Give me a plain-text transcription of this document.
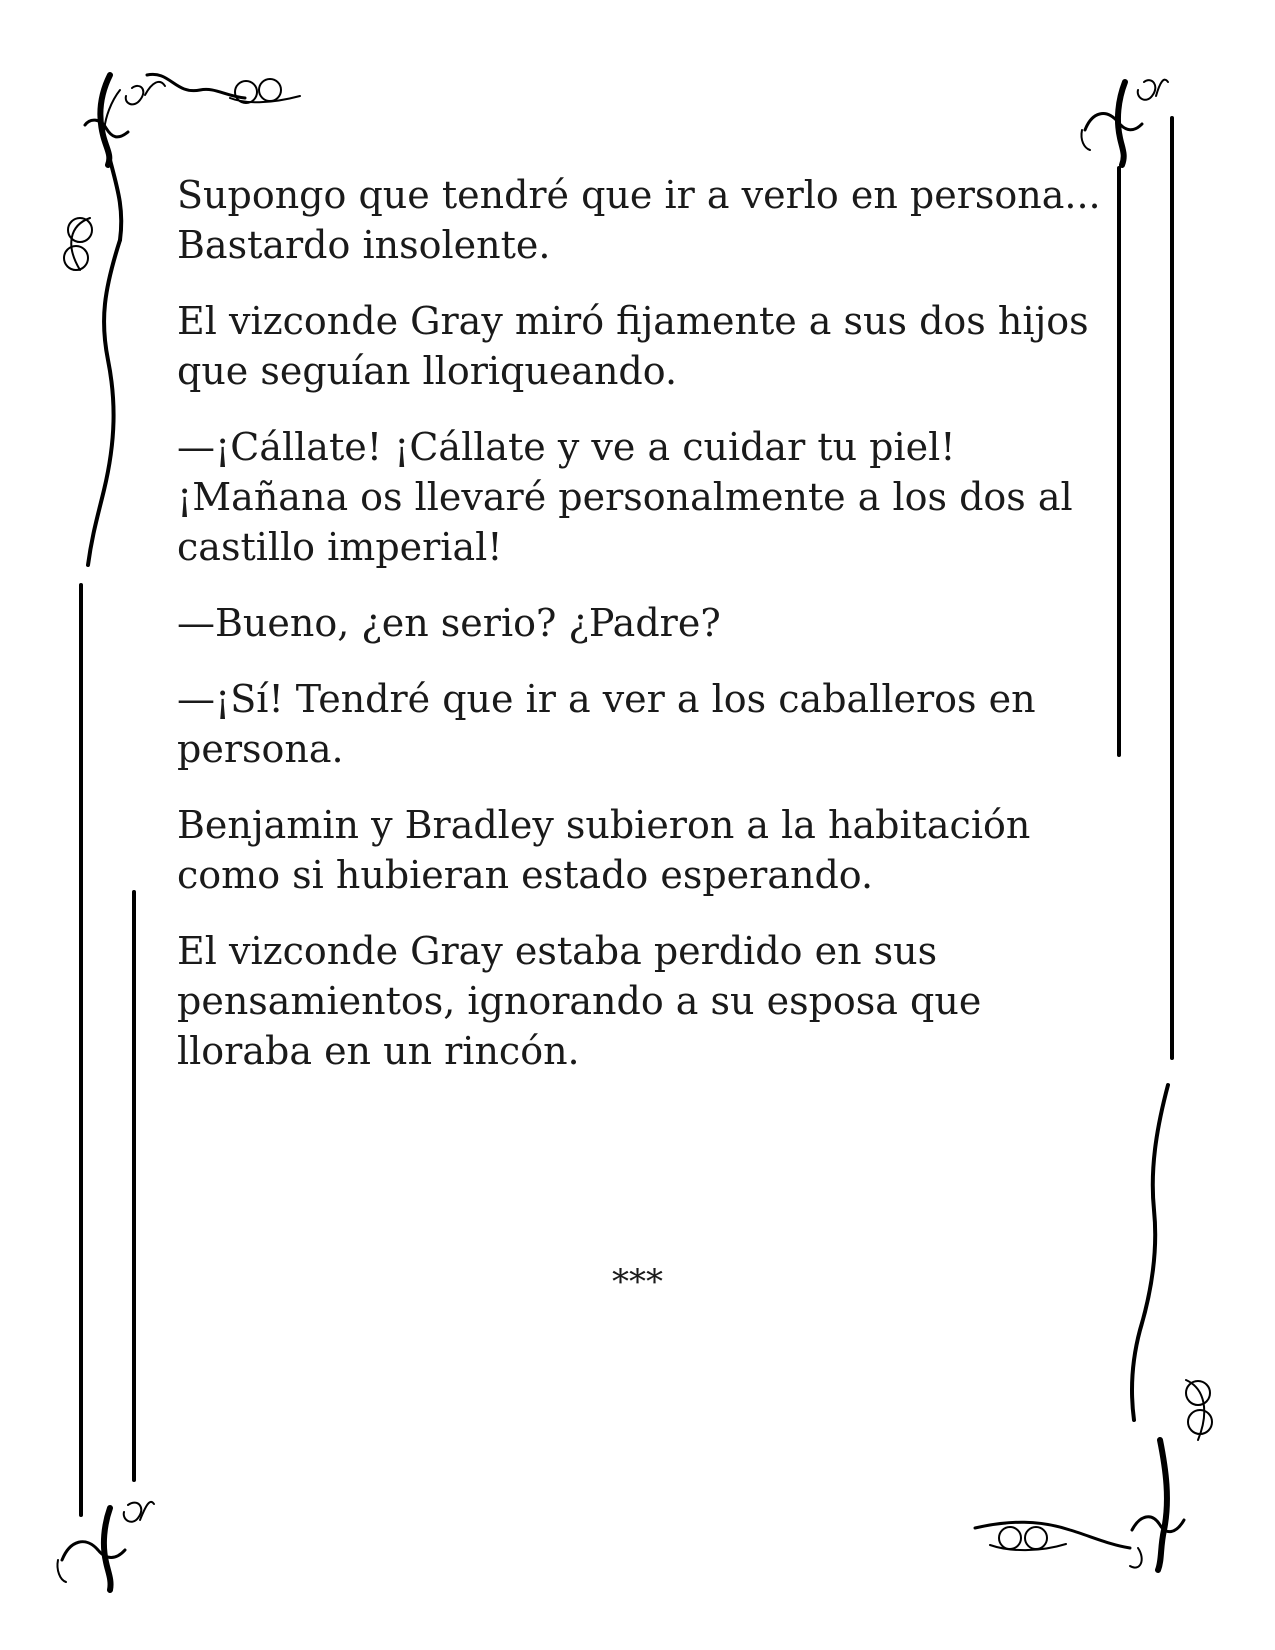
Supongo que tendré que ir a verlo en persona...
Bastardo insolente.

El vizconde Gray miró fijamente a sus dos hijos
que seguían lloriqueando.

—¡Cállate! ¡Cállate y ve a cuidar tu piel!
¡Mañana os llevaré personalmente a los dos al
castillo imperial!

—Bueno, ¿en serio? ¿Padre?

—¡Sí! Tendré que ir a ver a los caballeros en
persona.

Benjamin y Bradley subieron a la habitación
como si hubieran estado esperando.

El vizconde Gray estaba perdido en sus
pensamientos, ignorando a su esposa que
lloraba en un rincón.

***
